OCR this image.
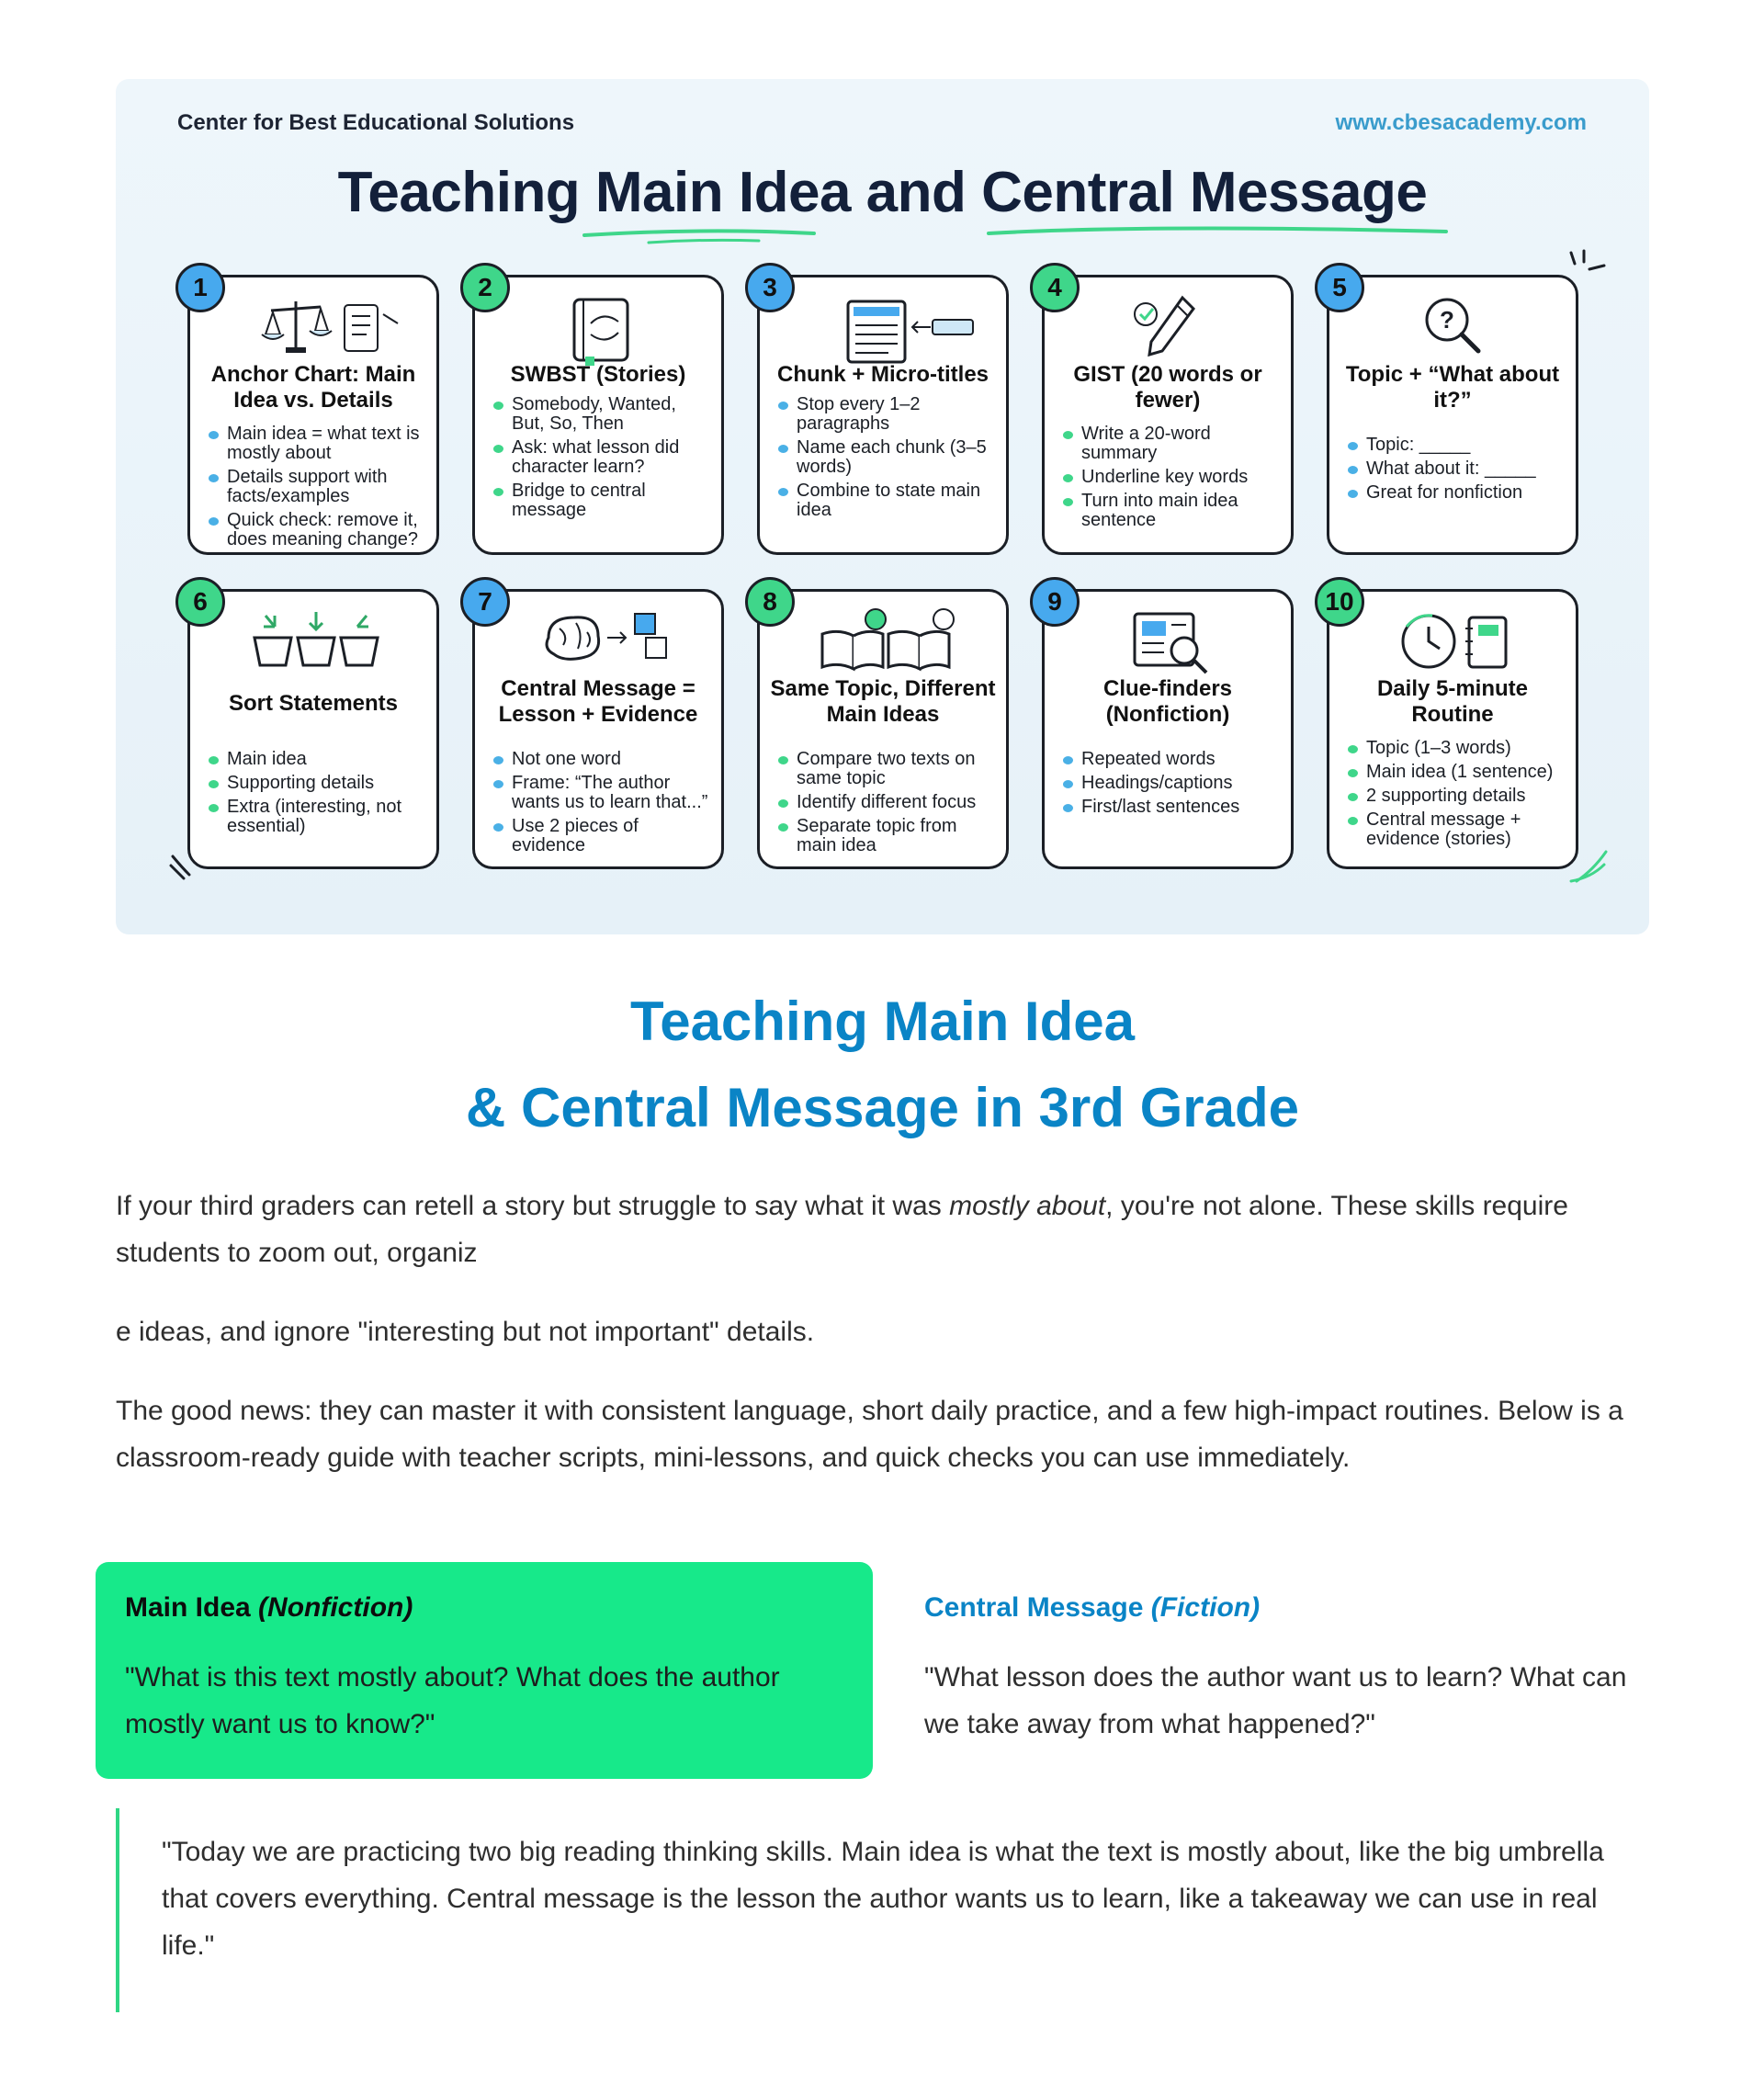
Center for Best Educational Solutions	www.cbesacademy.com
Teaching Main Idea and Central Message
1
Anchor Chart: Main Idea vs. Details
Main idea = what text is mostly about
Details support with facts/examples
Quick check: remove it, does meaning change?
2
SWBST (Stories)
Somebody, Wanted, But, So, Then
Ask: what lesson did character learn?
Bridge to central message
3
Chunk + Micro-titles
Stop every 1–2 paragraphs
Name each chunk (3–5 words)
Combine to state main idea
4
GIST (20 words or fewer)
Write a 20-word summary
Underline key words
Turn into main idea sentence
5
?
Topic + “What about it?”
Topic: _____
What about it: _____
Great for nonfiction
6
Sort Statements
Main idea
Supporting details
Extra (interesting, not essential)
7
Central Message = Lesson + Evidence
Not one word
Frame: “The author wants us to learn that...”
Use 2 pieces of evidence
8
Same Topic, Different Main Ideas
Compare two texts on same topic
Identify different focus
Separate topic from main idea
9
Clue-finders (Nonfiction)
Repeated words
Headings/captions
First/last sentences
10
Daily 5-minute Routine
Topic (1–3 words)
Main idea (1 sentence)
2 supporting details
Central message + evidence (stories)
Teaching Main Idea
& Central Message in 3rd Grade

If your third graders can retell a story but struggle to say what it was mostly about, you're not alone. These skills require students to zoom out, organiz

e ideas, and ignore "interesting but not important" details.

The good news: they can master it with consistent language, short daily practice, and a few high-impact routines. Below is a classroom-ready guide with teacher scripts, mini-lessons, and quick checks you can use immediately.

Main Idea (Nonfiction)
"What is this text mostly about? What does the author mostly want us to know?"
Central Message (Fiction)
"What lesson does the author want us to learn? What can we take away from what happened?"

"Today we are practicing two big reading thinking skills. Main idea is what the text is mostly about, like the big umbrella that covers everything. Central message is the lesson the author wants us to learn, like a takeaway we can use in real life."
